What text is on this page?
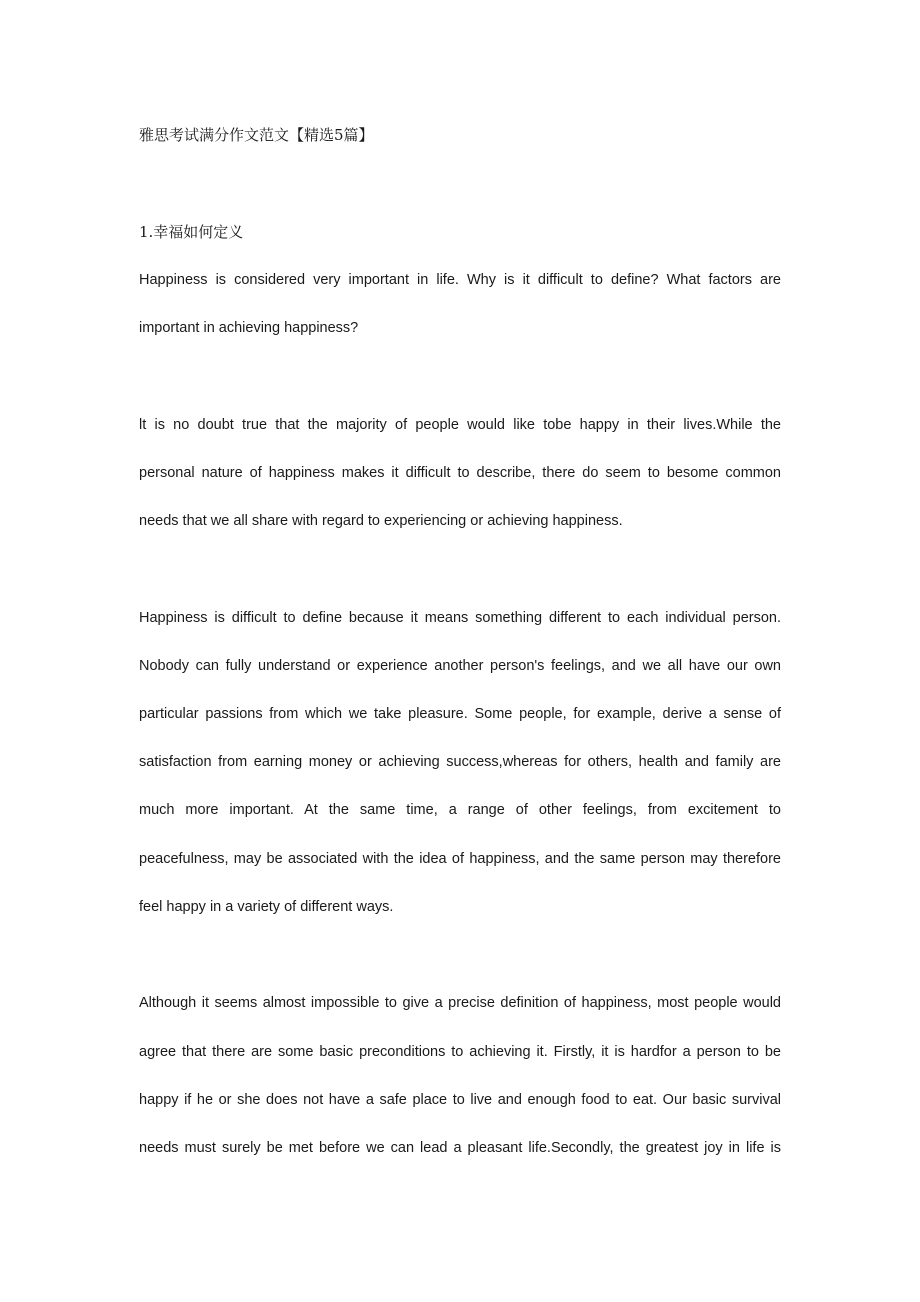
雅思考试满分作文范文【精选5篇】
1.幸福如何定义
Happiness is considered very important in life. Why is it difficult to define? What factors are
important in achieving happiness?
lt is no doubt true that the majority of people would like tobe happy in their lives.While the
personal nature of happiness makes it difficult to describe, there do seem to besome common
needs that we all share with regard to experiencing or achieving happiness.
Happiness is difficult to define because it means something different to each individual person.
Nobody can fully understand or experience another person's feelings, and we all have our own
particular passions from which we take pleasure. Some people, for example, derive a sense of
satisfaction from earning money or achieving success,whereas for others, health and family are
much more important. At the same time, a range of other feelings, from excitement to
peacefulness, may be associated with the idea of happiness, and the same person may therefore
feel happy in a variety of different ways.
Although it seems almost impossible to give a precise definition of happiness, most people would
agree that there are some basic preconditions to achieving it. Firstly, it is hardfor a person to be
happy if he or she does not have a safe place to live and enough food to eat. Our basic survival
needs must surely be met before we can lead a pleasant life.Secondly, the greatest joy in life is
